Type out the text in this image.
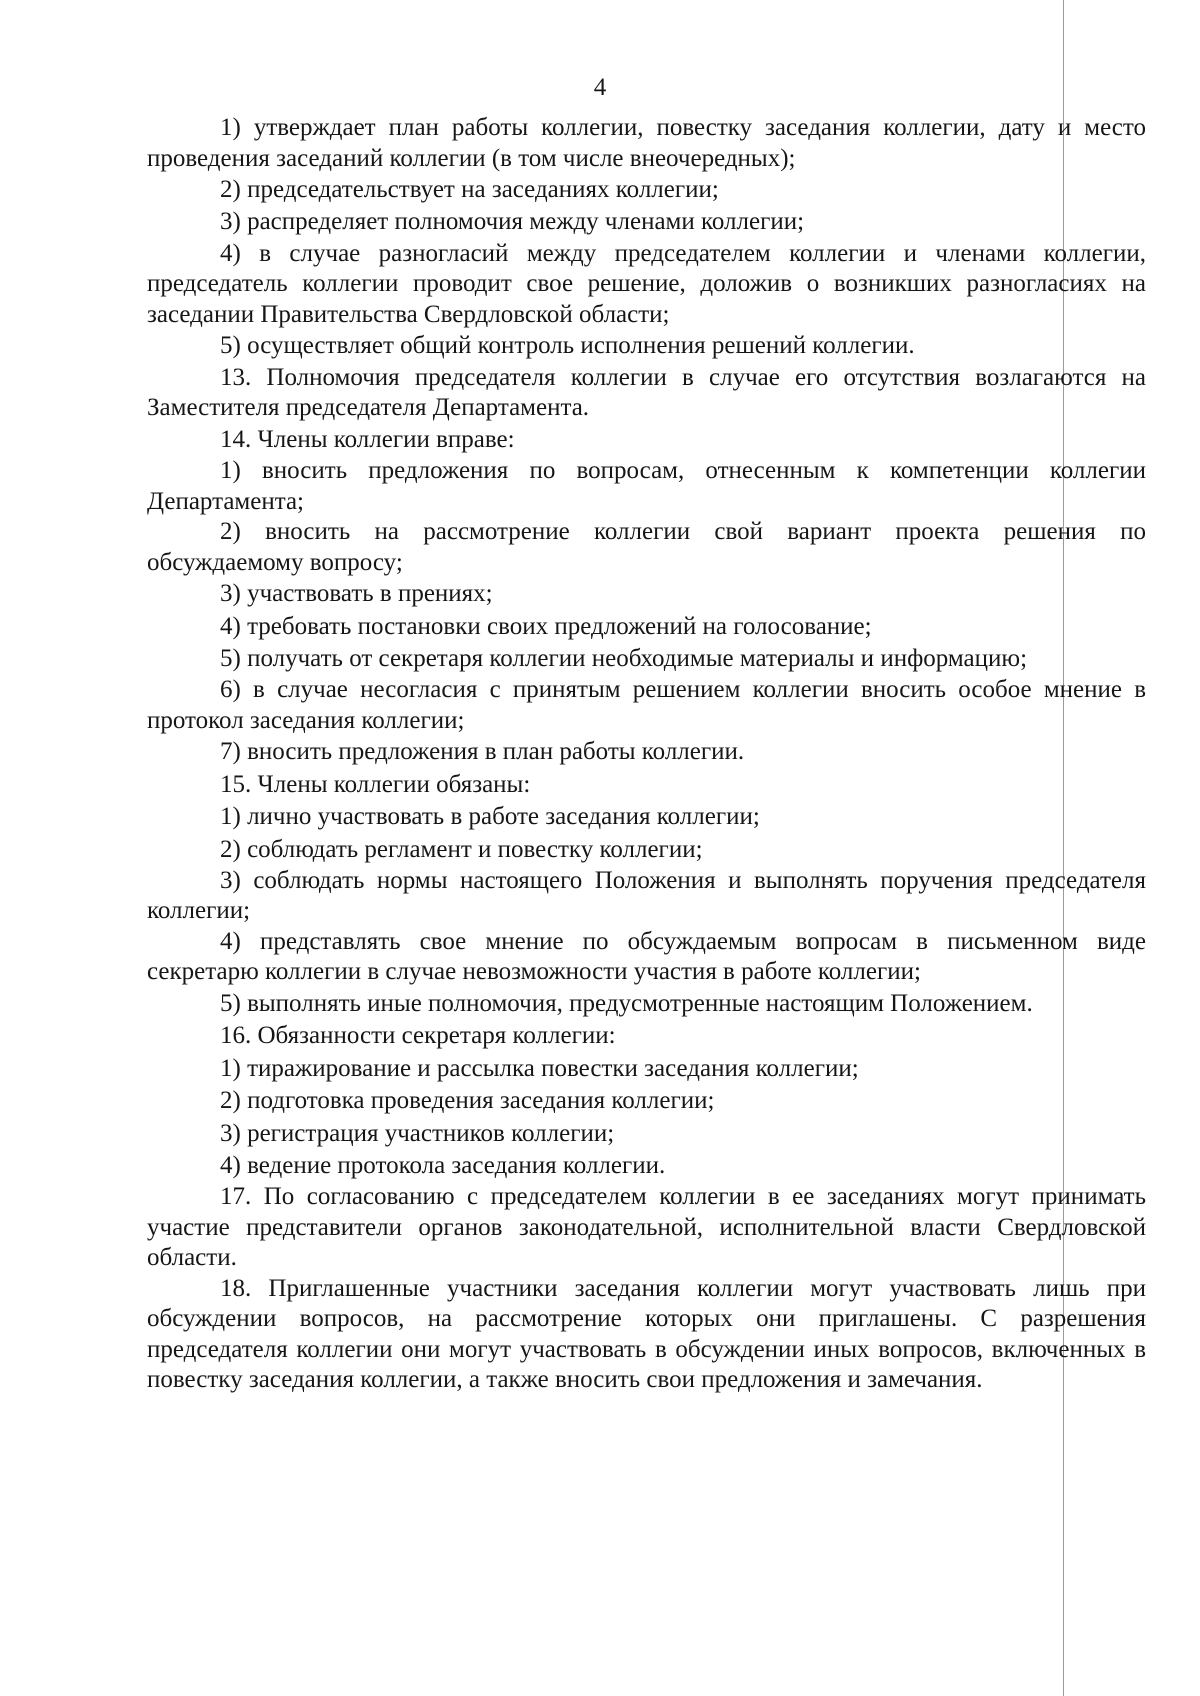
4

1) утверждает план работы коллегии, повестку заседания коллегии, дату и место проведения заседаний коллегии (в том числе внеочередных);

2) председательствует на заседаниях коллегии;

3) распределяет полномочия между членами коллегии;

4) в случае разногласий между председателем коллегии и членами коллегии, председатель коллегии проводит свое решение, доложив о возникших разногласиях на заседании Правительства Свердловской области;

5) осуществляет общий контроль исполнения решений коллегии.

13. Полномочия председателя коллегии в случае его отсутствия возлагаются на Заместителя председателя Департамента.

14. Члены коллегии вправе:

1) вносить предложения по вопросам, отнесенным к компетенции коллегии Департамента;

2) вносить на рассмотрение коллегии свой вариант проекта решения по обсуждаемому вопросу;

3) участвовать в прениях;

4) требовать постановки своих предложений на голосование;

5) получать от секретаря коллегии необходимые материалы и информацию;

6) в случае несогласия с принятым решением коллегии вносить особое мнение в протокол заседания коллегии;

7) вносить предложения в план работы коллегии.

15. Члены коллегии обязаны:

1) лично участвовать в работе заседания коллегии;

2) соблюдать регламент и повестку коллегии;

3) соблюдать нормы настоящего Положения и выполнять поручения председателя коллегии;

4) представлять свое мнение по обсуждаемым вопросам в письменном виде секретарю коллегии в случае невозможности участия в работе коллегии;

5) выполнять иные полномочия, предусмотренные настоящим Положением.

16. Обязанности секретаря коллегии:

1) тиражирование и рассылка повестки заседания коллегии;

2) подготовка проведения заседания коллегии;

3) регистрация участников коллегии;

4) ведение протокола заседания коллегии.

17. По согласованию с председателем коллегии в ее заседаниях могут принимать участие представители органов законодательной, исполнительной власти Свердловской области.

18. Приглашенные участники заседания коллегии могут участвовать лишь при обсуждении вопросов, на рассмотрение которых они приглашены. С разрешения председателя коллегии они могут участвовать в обсуждении иных вопросов, включенных в повестку заседания коллегии, а также вносить свои предложения и замечания.
